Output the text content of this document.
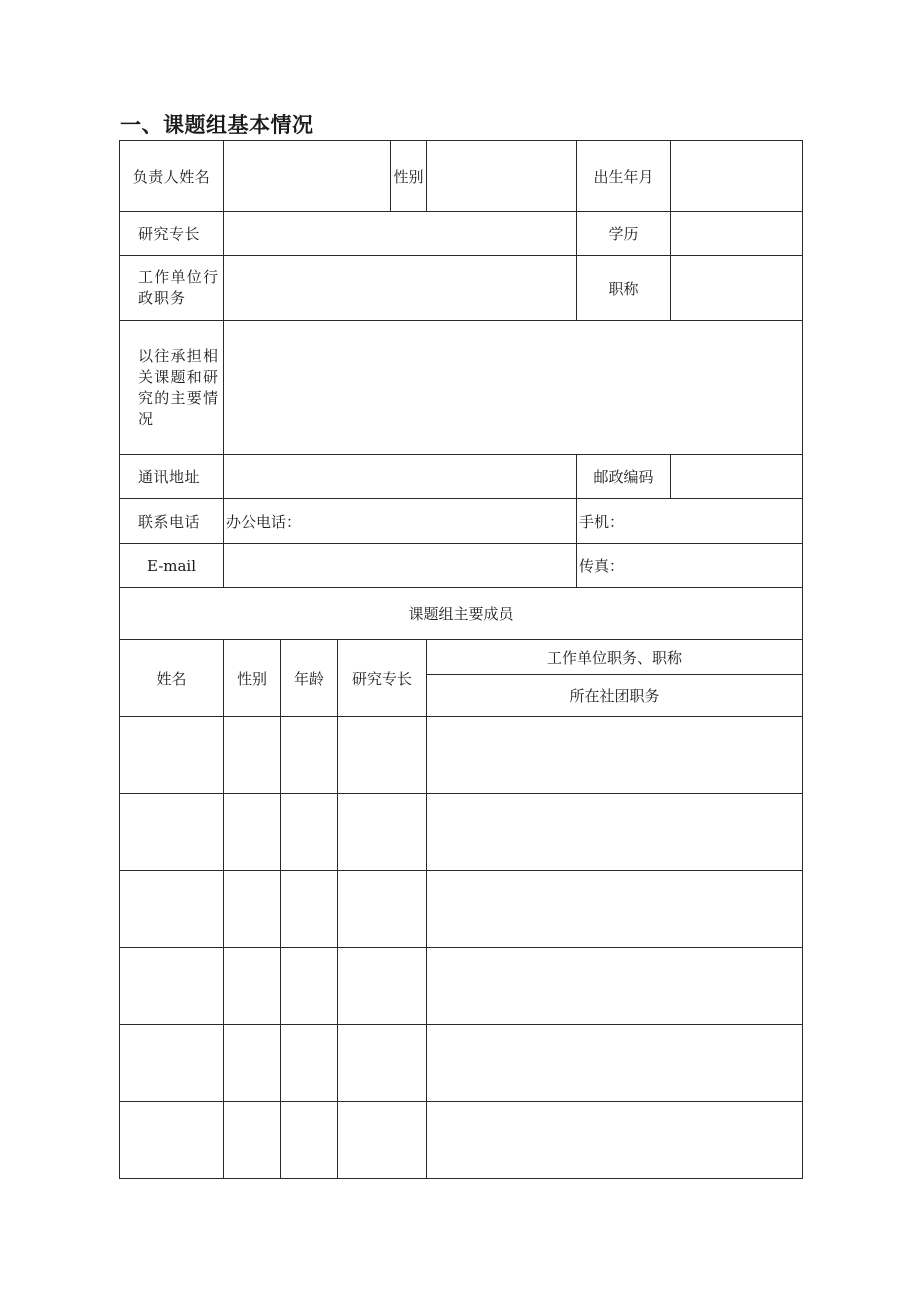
一、课题组基本情况
负责人姓名				性别		出生年月	
研究专长						学历	
工作单位行政职务						职称	
以往承担相关课题和研究的主要情况							
通讯地址						邮政编码	
联系电话	办公电话：					手机：	
E-mail						传真：	
课题组主要成员							
姓名	性别	年龄	研究专长		工作单位职务、职称		
					所在社团职务		
